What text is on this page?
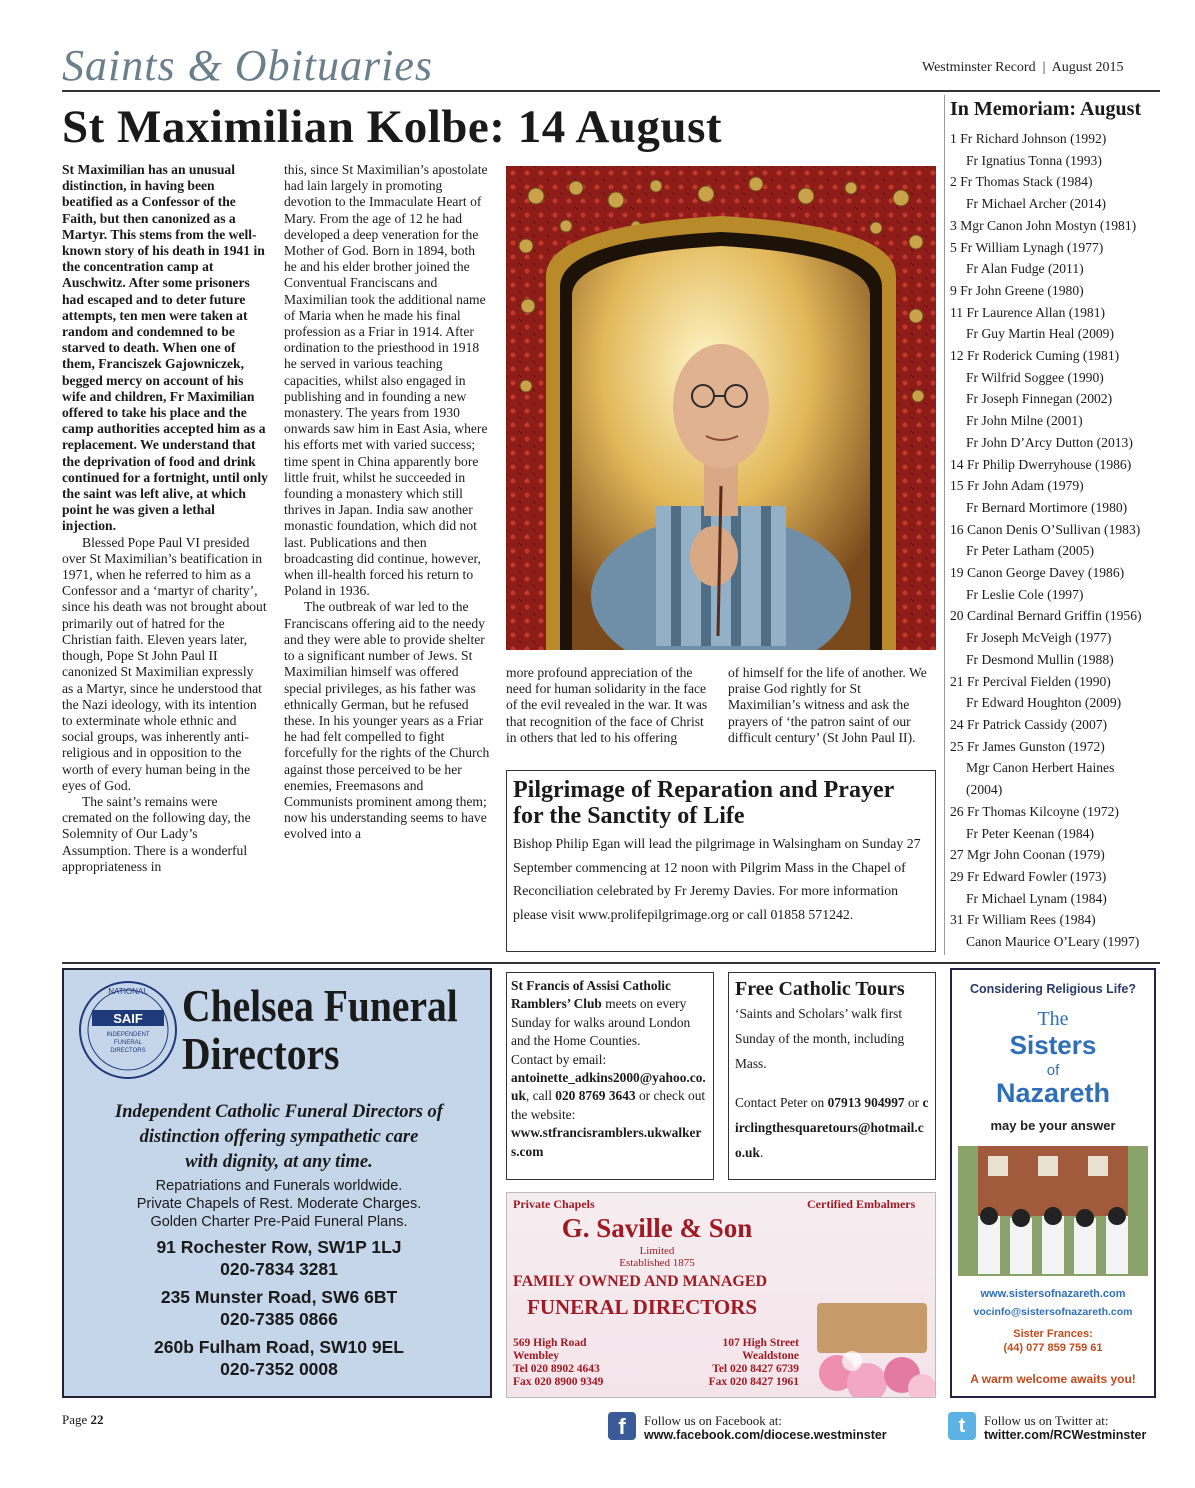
Saints & Obituaries	Westminster Record  |  August 2015
St Maximilian Kolbe: 14 August

St Maximilian has an unusual distinction, in having been beatified as a Confessor of the Faith, but then canonized as a Martyr. This stems from the well-known story of his death in 1941 in the concentration camp at Auschwitz. After some prisoners had escaped and to deter future attempts, ten men were taken at random and condemned to be starved to death. When one of them, Franciszek Gajowniczek, begged mercy on account of his wife and children, Fr Maximilian offered to take his place and the camp authorities accepted him as a replacement. We understand that the deprivation of food and drink continued for a fortnight, until only the saint was left alive, at which point he was given a lethal injection.

Blessed Pope Paul VI presided over St Maximilian’s beatification in 1971, when he referred to him as a Confessor and a ‘martyr of charity’, since his death was not brought about primarily out of hatred for the Christian faith. Eleven years later, though, Pope St John Paul II canonized St Maximilian expressly as a Martyr, since he understood that the Nazi ideology, with its intention to exterminate whole ethnic and social groups, was inherently anti-religious and in opposition to the worth of every human being in the eyes of God.

The saint’s remains were cremated on the following day, the Solemnity of Our Lady’s Assumption. There is a wonderful appropriateness in

this, since St Maximilian’s apostolate had lain largely in promoting devotion to the Immaculate Heart of Mary. From the age of 12 he had developed a deep veneration for the Mother of God. Born in 1894, both he and his elder brother joined the Conventual Franciscans and Maximilian took the additional name of Maria when he made his final profession as a Friar in 1914. After ordination to the priesthood in 1918 he served in various teaching capacities, whilst also engaged in publishing and in founding a new monastery. The years from 1930 onwards saw him in East Asia, where his efforts met with varied success; time spent in China apparently bore little fruit, whilst he succeeded in founding a monastery which still thrives in Japan. India saw another monastic foundation, which did not last. Publications and then broadcasting did continue, however, when ill-health forced his return to Poland in 1936.

The outbreak of war led to the Franciscans offering aid to the needy and they were able to provide shelter to a significant number of Jews. St Maximilian himself was offered special privileges, as his father was ethnically German, but he refused these. In his younger years as a Friar he had felt compelled to fight forcefully for the rights of the Church against those perceived to be her enemies, Freemasons and Communists prominent among them; now his understanding seems to have evolved into a

more profound appreciation of the need for human solidarity in the face of the evil revealed in the war. It was that recognition of the face of Christ in others that led to his offering

of himself for the life of another. We praise God rightly for St Maximilian’s witness and ask the prayers of ‘the patron saint of our difficult century’ (St John Paul II).

Pilgrimage of Reparation and Prayer for the Sanctity of Life
Bishop Philip Egan will lead the pilgrimage in Walsingham on Sunday 27 September commencing at 12 noon with Pilgrim Mass in the Chapel of Reconciliation celebrated by Fr Jeremy Davies. For more information please visit www.prolifepilgrimage.org or call 01858 571242.
In Memoriam: August
1 Fr Richard Johnson (1992)
Fr Ignatius Tonna (1993)
2 Fr Thomas Stack (1984)
Fr Michael Archer (2014)
3 Mgr Canon John Mostyn (1981)
5 Fr William Lynagh (1977)
Fr Alan Fudge (2011)
9 Fr John Greene (1980)
11 Fr Laurence Allan (1981)
Fr Guy Martin Heal (2009)
12 Fr Roderick Cuming (1981)
Fr Wilfrid Soggee (1990)
Fr Joseph Finnegan (2002)
Fr John Milne (2001)
Fr John D’Arcy Dutton (2013)
14 Fr Philip Dwerryhouse (1986)
15 Fr John Adam (1979)
Fr Bernard Mortimore (1980)
16 Canon Denis O’Sullivan (1983)
Fr Peter Latham (2005)
19 Canon George Davey (1986)
Fr Leslie Cole (1997)
20 Cardinal Bernard Griffin (1956)
Fr Joseph McVeigh (1977)
Fr Desmond Mullin (1988)
21 Fr Percival Fielden (1990)
Fr Edward Houghton (2009)
24 Fr Patrick Cassidy (2007)
25 Fr James Gunston (1972)
Mgr Canon Herbert Haines
(2004)
26 Fr Thomas Kilcoyne (1972)
Fr Peter Keenan (1984)
27 Mgr John Coonan (1979)
29 Fr Edward Fowler (1973)
Fr Michael Lynam (1984)
31 Fr William Rees (1984)
Canon Maurice O’Leary (1997)
NATIONAL
SAIF
INDEPENDENT
FUNERAL
DIRECTORS
Chelsea Funeral
Directors
Independent Catholic Funeral Directors of
distinction offering sympathetic care
with dignity, at any time.
Repatriations and Funerals worldwide.
Private Chapels of Rest. Moderate Charges.
Golden Charter Pre-Paid Funeral Plans.
91 Rochester Row, SW1P 1LJ
020-7834 3281
235 Munster Road, SW6 6BT
020-7385 0866
260b Fulham Road, SW10 9EL
020-7352 0008
St Francis of Assisi Catholic Ramblers’ Club meets on every Sunday for walks around London and the Home Counties.
Contact by email:
antoinette_adkins2000@yahoo.co.uk, call 020 8769 3643 or check out the website:
www.stfrancisramblers.ukwalkers.com
Free Catholic Tours
‘Saints and Scholars’ walk first Sunday of the month, including Mass.
Contact Peter on 07913 904997 or circlingthesquaretours@hotmail.co.uk.
Private Chapels	Certified Embalmers
G. Saville & Son
Limited
Established 1875
FAMILY OWNED AND MANAGED
FUNERAL DIRECTORS
569 High Road
Wembley
Tel 020 8902 4643
Fax 020 8900 9349
107 High Street
Wealdstone
Tel 020 8427 6739
Fax 020 8427 1961
Considering Religious Life?
The
Sisters
of
Nazareth
may be your answer
www.sistersofnazareth.com
vocinfo@sistersofnazareth.com
Sister Frances:
(44) 077 859 759 61
A warm welcome awaits you!
Page 22	f	Follow us on Facebook at:
www.facebook.com/diocese.westminster	t	Follow us on Twitter at:
twitter.com/RCWestminster
